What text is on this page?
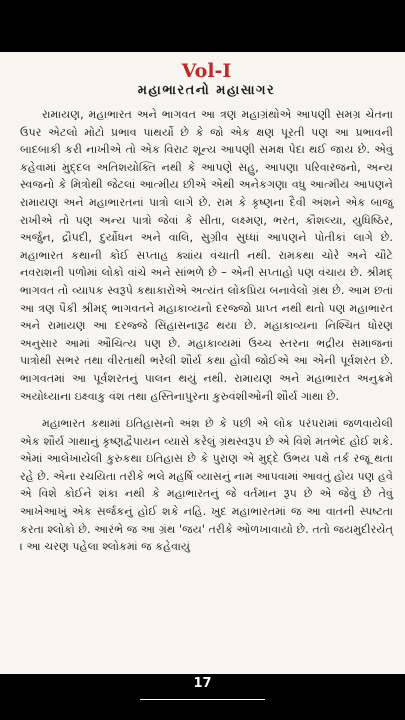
Vol-I
મહાભારતનો મહાસાગર

રામાયણ, મહાભારત અને ભાગવત આ ત્રણ મહાગ્રંથોએ આપણી સમગ્ર ચેતના ઉપર એટલો મોટો પ્રભાવ પાથર્યો છે કે જો એક ક્ષણ પૂરતી પણ આ પ્રભાવની બાદબાકી કરી નાખીએ તો એક વિરાટ શૂન્ય આપણી સમક્ષ પેદા થઈ જાય છે. એવું કહેવામાં મુદ્દલ અતિશયોક્તિ નથી કે આપણે સહુ, આપણા પરિવારજનો, અન્ય સ્વજનો કે મિત્રોથી જેટલાં આત્મીય છીએ એથી અનેકગણા વધુ આત્મીય આપણને રામાયણ અને મહાભારતનાં પાત્રો લાગે છે. રામ કે કૃષ્ણના દૈવી અંશને એક બાજુ રાખીએ તો પણ અન્ય પાત્રો જેવાં કે સીતા, લક્ષ્મણ, ભરત, કૌશલ્યા, યુધિષ્ઠિર, અર્જુન, દ્રૌપદી, દુર્યોધન અને વાલિ, સુગ્રીવ સુધ્ધાં આપણને પોતીકાં લાગે છે. મહાભારત કથાની કોઈ સપ્તાહ ક્યાંય વંચાતી નથી. રામકથા ચોરે અને ચૌટે નવરાશની પળોમાં લોકો વાંચે અને સાંભળે છે – એની સપ્તાહો પણ વંચાય છે. શ્રીમદ્ ભાગવત તો વ્યાપક સ્વરૂપે કથાકારોએ અત્યંત લોકપ્રિય બનાવેલો ગ્રંથ છે. આમ છતાં આ ત્રણ પૈકી શ્રીમદ્ ભાગવતને મહાકાવ્યનો દરજ્જો પ્રાપ્ત નથી થતો પણ મહાભારત અને રામાયણ આ દરજ્જે સિંહાસનારૂઢ થયા છે. મહાકાવ્યના નિશ્ચિત ધોરણ અનુસાર આમાં ઔચિત્ય પણ છે. મહાકાવ્યમાં ઉચ્ચ સ્તરના ભદ્રીય સમાજનાં પાત્રોથી સભર તથા વીરતાથી ભરેલી શૌર્ય કથા હોવી જોઈએ આ એની પૂર્વશરત છે. ભાગવતમાં આ પૂર્વશરતનું પાલન થયું નથી. રામાયણ અને મહાભારત અનુક્રમે અયોધ્યાના ઇક્ષ્વાકુ વંશ તથા હસ્તિનાપુરના કુરુવંશીઓની શૌર્ય ગાથા છે.

મહાભારત કથામાં ઇતિહાસનો અંશ છે કે પછી એ લોક પરંપરામાં જળવાયેલી એક શૌર્ય ગાથાનું કૃષ્ણદ્વૈપાયન વ્યાસે કરેલું ગ્રંથસ્વરૂપ છે એ વિશે મતભેદ હોઈ શકે. એમાં આલેખાયેલી કુરુકથા ઇતિહાસ છે કે પુરાણ એ મુદ્દે ઉભય પક્ષે તર્ક રજૂ થતા રહે છે. એના રચયિતા તરીકે ભલે મહર્ષિ વ્યાસનું નામ આપવામાં આવતું હોય પણ હવે એ વિશે કોઈને શંકા નથી કે મહાભારતનું જે વર્તમાન રૂપ છે એ જેવું છે તેવું આખેઆખું એક સર્જકનું હોઈ શકે નહિ. ખુદ મહાભારતમાં જ આ વાતની સ્પષ્ટતા કરતા શ્લોકો છે. આરંભે જ આ ગ્રંથ 'જય' તરીકે ઓળખાવાયો છે. તતો જયમુદીરયેત્ । આ ચરણ પહેલા શ્લોકમાં જ કહેવાયું

17
